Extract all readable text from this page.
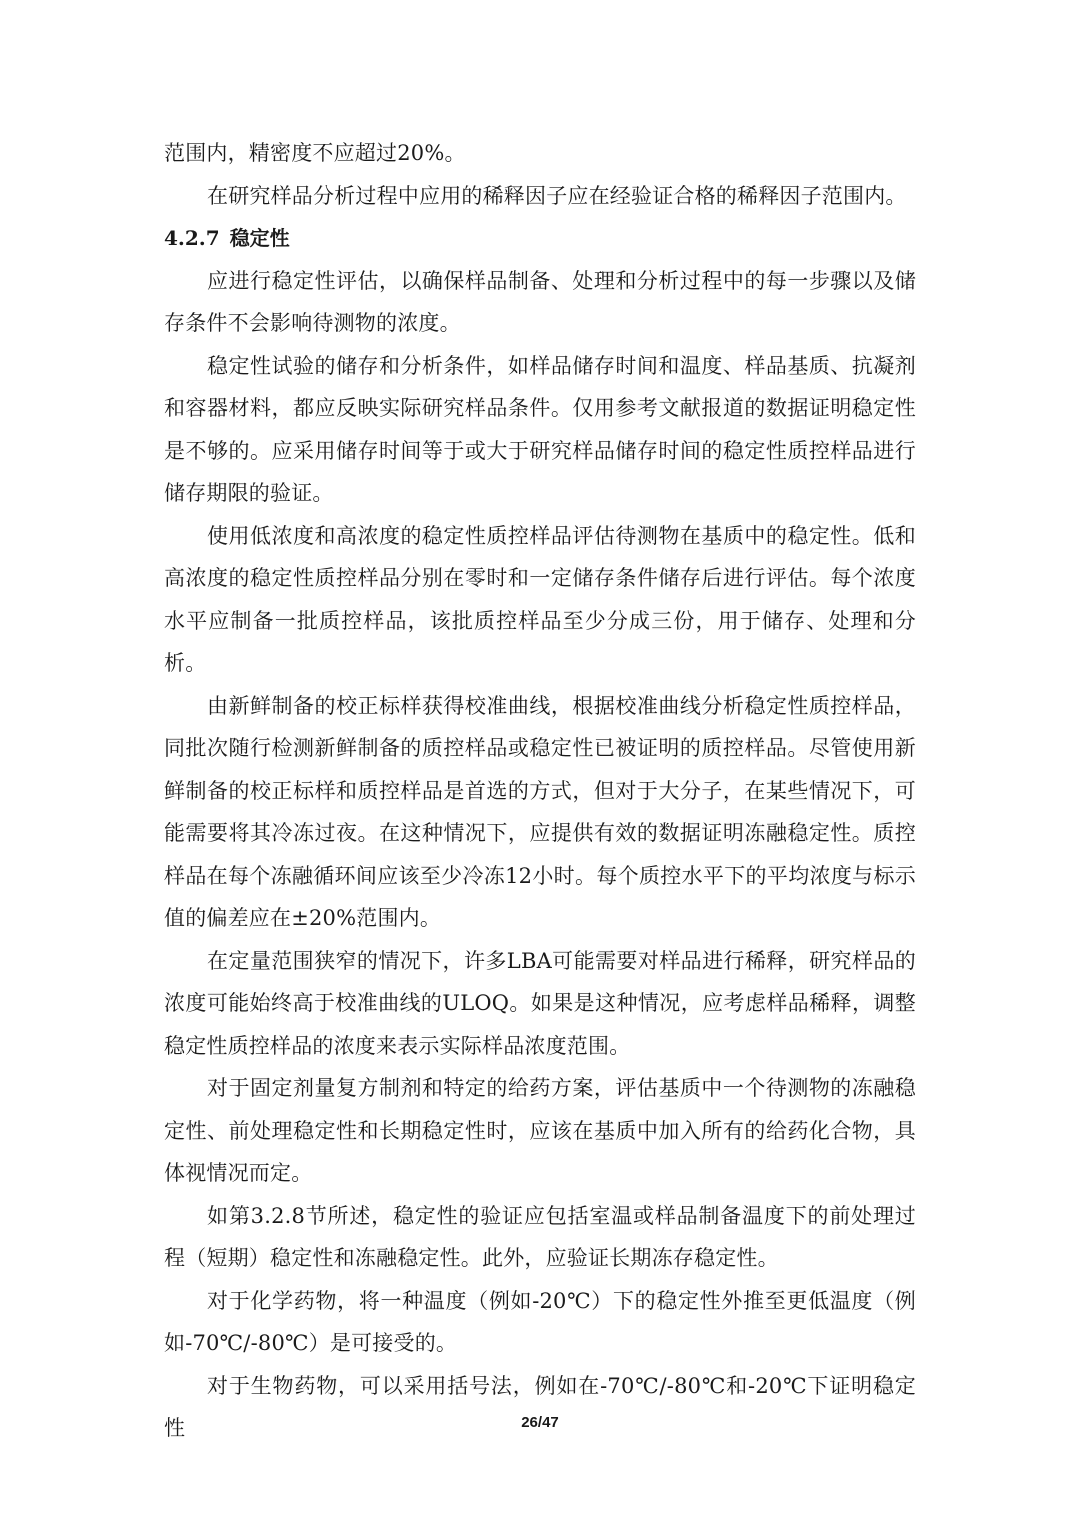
范围内，精密度不应超过20%。

在研究样品分析过程中应用的稀释因子应在经验证合格的稀释因子范围内。

4.2.7 稳定性

应进行稳定性评估，以确保样品制备、处理和分析过程中的每一步骤以及储存条件不会影响待测物的浓度。

稳定性试验的储存和分析条件，如样品储存时间和温度、样品基质、抗凝剂和容器材料，都应反映实际研究样品条件。仅用参考文献报道的数据证明稳定性是不够的。应采用储存时间等于或大于研究样品储存时间的稳定性质控样品进行储存期限的验证。

使用低浓度和高浓度的稳定性质控样品评估待测物在基质中的稳定性。低和高浓度的稳定性质控样品分别在零时和一定储存条件储存后进行评估。每个浓度水平应制备一批质控样品，该批质控样品至少分成三份，用于储存、处理和分析。

由新鲜制备的校正标样获得校准曲线，根据校准曲线分析稳定性质控样品，同批次随行检测新鲜制备的质控样品或稳定性已被证明的质控样品。尽管使用新鲜制备的校正标样和质控样品是首选的方式，但对于大分子，在某些情况下，可能需要将其冷冻过夜。在这种情况下，应提供有效的数据证明冻融稳定性。质控样品在每个冻融循环间应该至少冷冻12小时。每个质控水平下的平均浓度与标示值的偏差应在±20%范围内。

在定量范围狭窄的情况下，许多LBA可能需要对样品进行稀释，研究样品的浓度可能始终高于校准曲线的ULOQ。如果是这种情况，应考虑样品稀释，调整稳定性质控样品的浓度来表示实际样品浓度范围。

对于固定剂量复方制剂和特定的给药方案，评估基质中一个待测物的冻融稳定性、前处理稳定性和长期稳定性时，应该在基质中加入所有的给药化合物，具体视情况而定。

如第3.2.8节所述，稳定性的验证应包括室温或样品制备温度下的前处理过程（短期）稳定性和冻融稳定性。此外，应验证长期冻存稳定性。

对于化学药物，将一种温度（例如-20℃）下的稳定性外推至更低温度（例如-70℃/-80℃）是可接受的。

对于生物药物，可以采用括号法，例如在-70℃/-80℃和-20℃下证明稳定性	26/47
